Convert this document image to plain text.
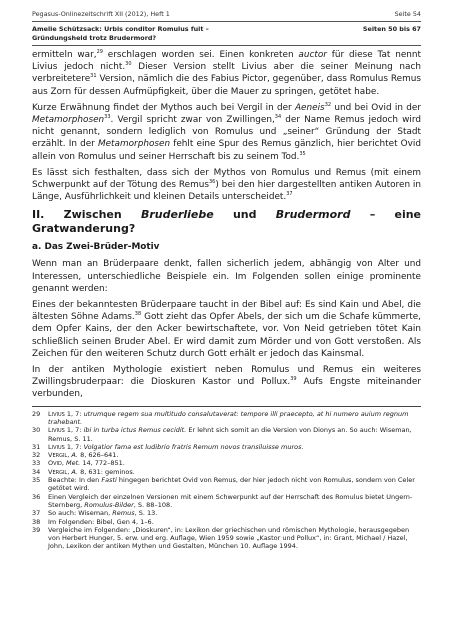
Pegasus-Onlinezeitschrift XII (2012), Heft 1	Seite 54
Amelie Schützsack: Urbis conditor Romulus fuit –
Gründungsheld trotz Brudermord?
Seiten 50 bis 67

ermitteln war,$^{29}$ erschlagen worden sei. Einen konkreten auctor für diese Tat nennt Livius jedoch nicht.$^{30}$ Dieser Version stellt Livius aber die seiner Meinung nach verbreitetere$^{31}$ Version, nämlich die des Fabius Pictor, gegenüber, dass Romulus Remus aus Zorn für dessen Aufmüpfigkeit, über die Mauer zu springen, getötet habe.

Kurze Erwähnung findet der Mythos auch bei Vergil in der Aeneis$^{32}$ und bei Ovid in der Metamorphosen$^{33}$. Vergil spricht zwar von Zwillingen,$^{34}$ der Name Remus jedoch wird nicht genannt, sondern lediglich von Romulus und „seiner“ Gründung der Stadt erzählt. In der Metamorphosen fehlt eine Spur des Remus gänzlich, hier berichtet Ovid allein von Romulus und seiner Herrschaft bis zu seinem Tod.$^{35}$

Es lässt sich festhalten, dass sich der Mythos von Romulus und Remus (mit einem Schwerpunkt auf der Tötung des Remus$^{36}$) bei den hier dargestellten antiken Autoren in Länge, Ausführlichkeit und kleinen Details unterscheidet.$^{37}$

II. Zwischen Bruderliebe und Brudermord – eine Gratwanderung?
a. Das Zwei-Brüder-Motiv

Wenn man an Brüderpaare denkt, fallen sicherlich jedem, abhängig von Alter und Interessen, unterschiedliche Beispiele ein. Im Folgenden sollen einige prominente genannt werden:

Eines der bekanntesten Brüderpaare taucht in der Bibel auf: Es sind Kain und Abel, die ältesten Söhne Adams.$^{38}$ Gott zieht das Opfer Abels, der sich um die Schafe kümmerte, dem Opfer Kains, der den Acker bewirtschaftete, vor. Von Neid getrieben tötet Kain schließlich seinen Bruder Abel. Er wird damit zum Mörder und von Gott verstoßen. Als Zeichen für den weiteren Schutz durch Gott erhält er jedoch das Kainsmal.

In der antiken Mythologie existiert neben Romulus und Remus ein weiteres Zwillingsbruderpaar: die Dioskuren Kastor und Pollux.$^{39}$ Aufs Engste miteinander verbunden,

29	Livius 1, 7: utrumque regem sua multitudo consalutaverat: tempore illi praecepto, at hi numero auium regnum trahebant.
30	Livius 1, 7: ibi in turba ictus Remus cecidit. Er lehnt sich somit an die Version von Dionys an. So auch: Wiseman, Remus, S. 11.
31	Livius 1, 7: Volgatior fama est ludibrio fratris Remum novos transiluisse muros.
32	Vergil, A. 8, 626–641.
33	Ovid, Met. 14, 772–851.
34	Vergil, A. 8, 631: geminos.
35	Beachte: In den Fasti hingegen berichtet Ovid von Remus, der hier jedoch nicht von Romulus, sondern von Celer getötet wird.
36	Einen Vergleich der einzelnen Versionen mit einem Schwerpunkt auf der Herrschaft des Romulus bietet Ungern-Sternberg, Romulus-Bilder, S. 88–108.
37	So auch: Wiseman, Remus, S. 13.
38	Im Folgenden: Bibel, Gen 4, 1–6.
39	Vergleiche im Folgenden: „Dioskuren“, in: Lexikon der griechischen und römischen Mythologie, herausgegeben von Herbert Hunger, 5. erw. und erg. Auflage, Wien 1959 sowie „Kastor und Pollux“, in: Grant, Michael / Hazel, John, Lexikon der antiken Mythen und Gestalten, München 10. Auflage 1994.
